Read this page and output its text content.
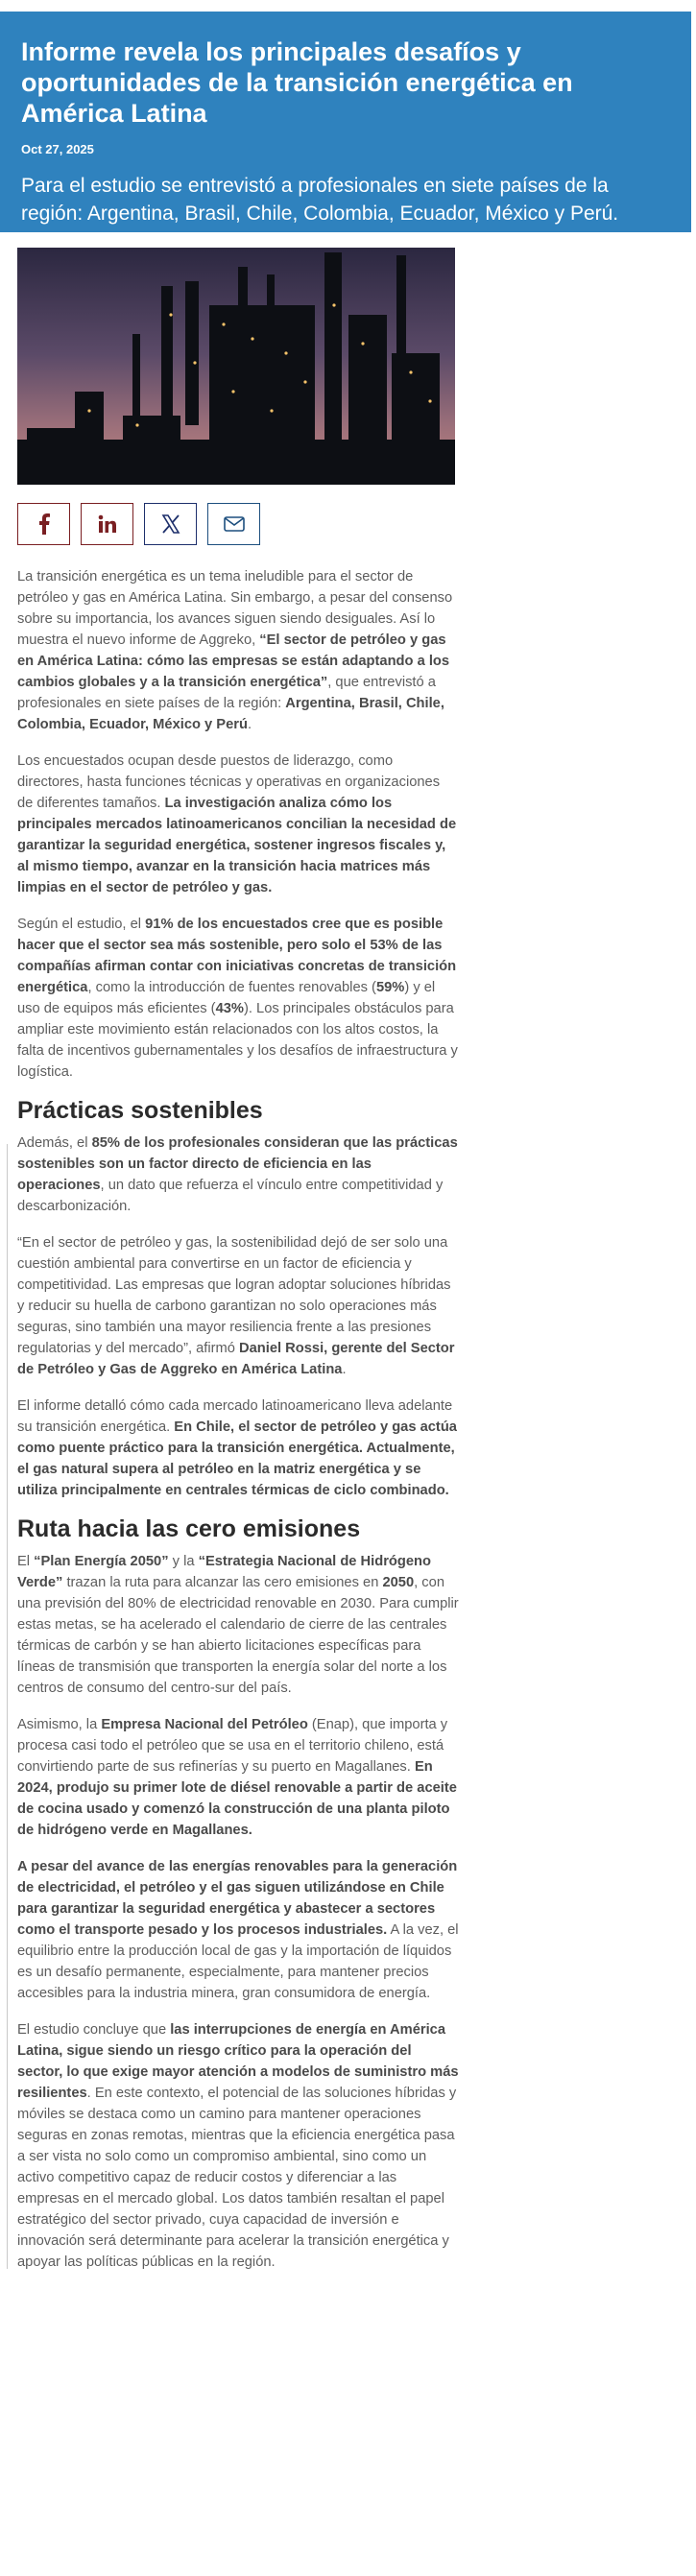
Informe revela los principales desafíos y oportunidades de la transición energética en América Latina
Oct 27, 2025
Para el estudio se entrevistó a profesionales en siete países de la región: Argentina, Brasil, Chile, Colombia, Ecuador, México y Perú.

La transición energética es un tema ineludible para el sector de petróleo y gas en América Latina. Sin embargo, a pesar del consenso sobre su importancia, los avances siguen siendo desiguales. Así lo muestra el nuevo informe de Aggreko, “El sector de petróleo y gas en América Latina: cómo las empresas se están adaptando a los cambios globales y a la transición energética”, que entrevistó a profesionales en siete países de la región: Argentina, Brasil, Chile, Colombia, Ecuador, México y Perú.

Los encuestados ocupan desde puestos de liderazgo, como directores, hasta funciones técnicas y operativas en organizaciones de diferentes tamaños. La investigación analiza cómo los principales mercados latinoamericanos concilian la necesidad de garantizar la seguridad energética, sostener ingresos fiscales y, al mismo tiempo, avanzar en la transición hacia matrices más limpias en el sector de petróleo y gas.

Según el estudio, el 91% de los encuestados cree que es posible hacer que el sector sea más sostenible, pero solo el 53% de las compañías afirman contar con iniciativas concretas de transición energética, como la introducción de fuentes renovables (59%) y el uso de equipos más eficientes (43%). Los principales obstáculos para ampliar este movimiento están relacionados con los altos costos, la falta de incentivos gubernamentales y los desafíos de infraestructura y logística.

Prácticas sostenibles

Además, el 85% de los profesionales consideran que las prácticas sostenibles son un factor directo de eficiencia en las operaciones, un dato que refuerza el vínculo entre competitividad y descarbonización.

“En el sector de petróleo y gas, la sostenibilidad dejó de ser solo una cuestión ambiental para convertirse en un factor de eficiencia y competitividad. Las empresas que logran adoptar soluciones híbridas y reducir su huella de carbono garantizan no solo operaciones más seguras, sino también una mayor resiliencia frente a las presiones regulatorias y del mercado”, afirmó Daniel Rossi, gerente del Sector de Petróleo y Gas de Aggreko en América Latina.

El informe detalló cómo cada mercado latinoamericano lleva adelante su transición energética. En Chile, el sector de petróleo y gas actúa como puente práctico para la transición energética. Actualmente, el gas natural supera al petróleo en la matriz energética y se utiliza principalmente en centrales térmicas de ciclo combinado.

Ruta hacia las cero emisiones

El “Plan Energía 2050” y la “Estrategia Nacional de Hidrógeno Verde” trazan la ruta para alcanzar las cero emisiones en 2050, con una previsión del 80% de electricidad renovable en 2030. Para cumplir estas metas, se ha acelerado el calendario de cierre de las centrales térmicas de carbón y se han abierto licitaciones específicas para líneas de transmisión que transporten la energía solar del norte a los centros de consumo del centro-sur del país.

Asimismo, la Empresa Nacional del Petróleo (Enap), que importa y procesa casi todo el petróleo que se usa en el territorio chileno, está convirtiendo parte de sus refinerías y su puerto en Magallanes. En 2024, produjo su primer lote de diésel renovable a partir de aceite de cocina usado y comenzó la construcción de una planta piloto de hidrógeno verde en Magallanes.

A pesar del avance de las energías renovables para la generación de electricidad, el petróleo y el gas siguen utilizándose en Chile para garantizar la seguridad energética y abastecer a sectores como el transporte pesado y los procesos industriales. A la vez, el equilibrio entre la producción local de gas y la importación de líquidos es un desafío permanente, especialmente, para mantener precios accesibles para la industria minera, gran consumidora de energía.

El estudio concluye que las interrupciones de energía en América Latina, sigue siendo un riesgo crítico para la operación del sector, lo que exige mayor atención a modelos de suministro más resilientes. En este contexto, el potencial de las soluciones híbridas y móviles se destaca como un camino para mantener operaciones seguras en zonas remotas, mientras que la eficiencia energética pasa a ser vista no solo como un compromiso ambiental, sino como un activo competitivo capaz de reducir costos y diferenciar a las empresas en el mercado global. Los datos también resaltan el papel estratégico del sector privado, cuya capacidad de inversión e innovación será determinante para acelerar la transición energética y apoyar las políticas públicas en la región.
